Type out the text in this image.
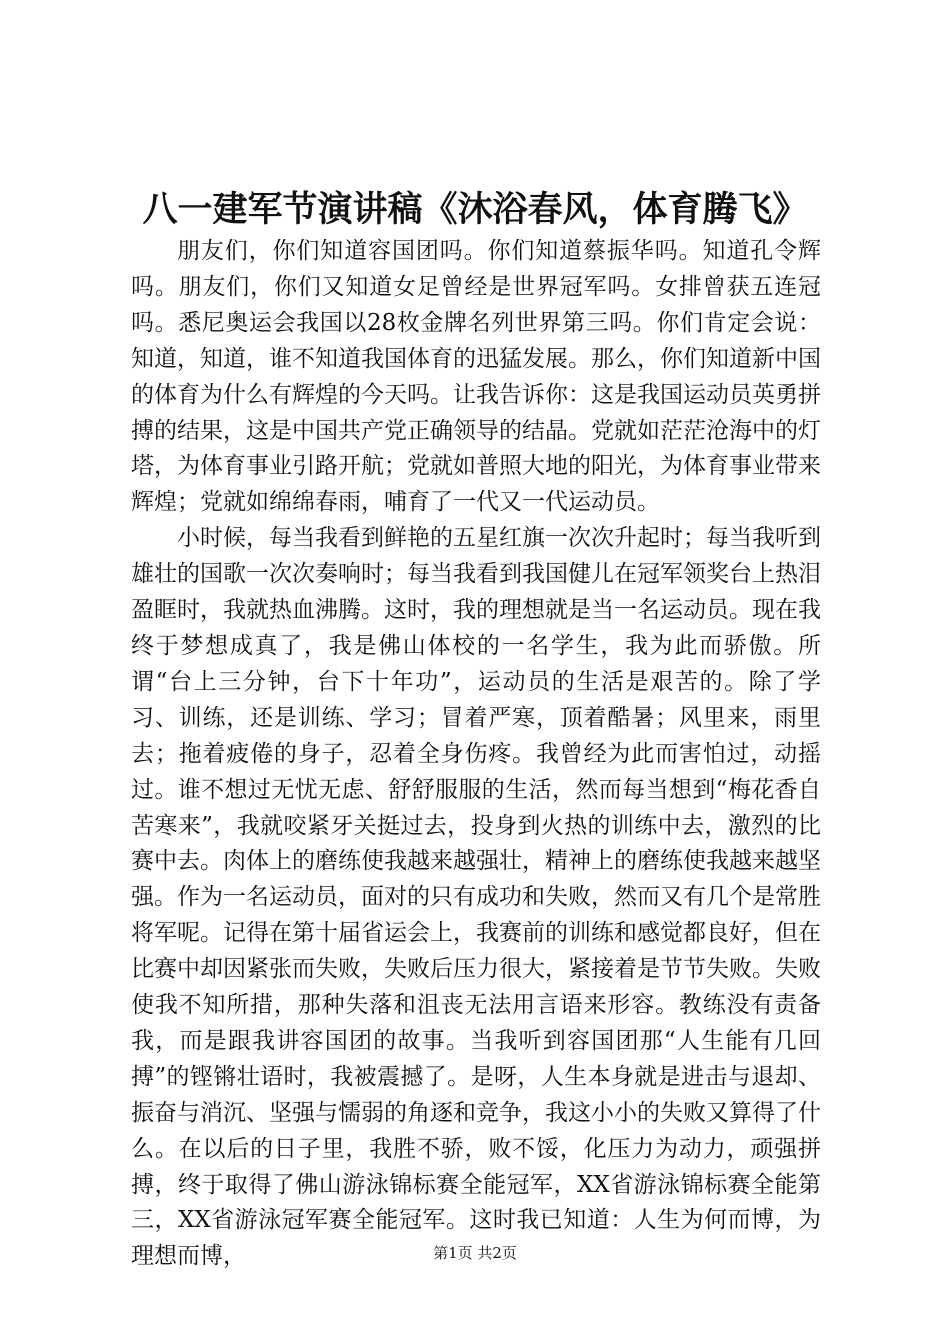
八一建军节演讲稿《沐浴春风，体育腾飞》

朋友们，你们知道容国团吗。你们知道蔡振华吗。知道孔令辉吗。朋友们，你们又知道女足曾经是世界冠军吗。女排曾获五连冠吗。悉尼奥运会我国以28枚金牌名列世界第三吗。你们肯定会说：知道，知道，谁不知道我国体育的迅猛发展。那么，你们知道新中国的体育为什么有辉煌的今天吗。让我告诉你：这是我国运动员英勇拼搏的结果，这是中国共产党正确领导的结晶。党就如茫茫沧海中的灯塔，为体育事业引路开航；党就如普照大地的阳光，为体育事业带来辉煌；党就如绵绵春雨，哺育了一代又一代运动员。

小时候，每当我看到鲜艳的五星红旗一次次升起时；每当我听到雄壮的国歌一次次奏响时；每当我看到我国健儿在冠军领奖台上热泪盈眶时，我就热血沸腾。这时，我的理想就是当一名运动员。现在我终于梦想成真了，我是佛山体校的一名学生，我为此而骄傲。所谓“台上三分钟，台下十年功”，运动员的生活是艰苦的。除了学习、训练，还是训练、学习；冒着严寒，顶着酷暑；风里来，雨里去；拖着疲倦的身子，忍着全身伤疼。我曾经为此而害怕过，动摇过。谁不想过无忧无虑、舒舒服服的生活，然而每当想到“梅花香自苦寒来”，我就咬紧牙关挺过去，投身到火热的训练中去，激烈的比赛中去。肉体上的磨练使我越来越强壮，精神上的磨练使我越来越坚强。作为一名运动员，面对的只有成功和失败，然而又有几个是常胜将军呢。记得在第十届省运会上，我赛前的训练和感觉都良好，但在比赛中却因紧张而失败，失败后压力很大，紧接着是节节失败。失败使我不知所措，那种失落和沮丧无法用言语来形容。教练没有责备我，而是跟我讲容国团的故事。当我听到容国团那“人生能有几回搏”的铿锵壮语时，我被震撼了。是呀，人生本身就是进击与退却、振奋与消沉、坚强与懦弱的角逐和竞争，我这小小的失败又算得了什么。在以后的日子里，我胜不骄，败不馁，化压力为动力，顽强拼搏，终于取得了佛山游泳锦标赛全能冠军，XX省游泳锦标赛全能第三，XX省游泳冠军赛全能冠军。这时我已知道：人生为何而博，为理想而博，	第1页 共2页
